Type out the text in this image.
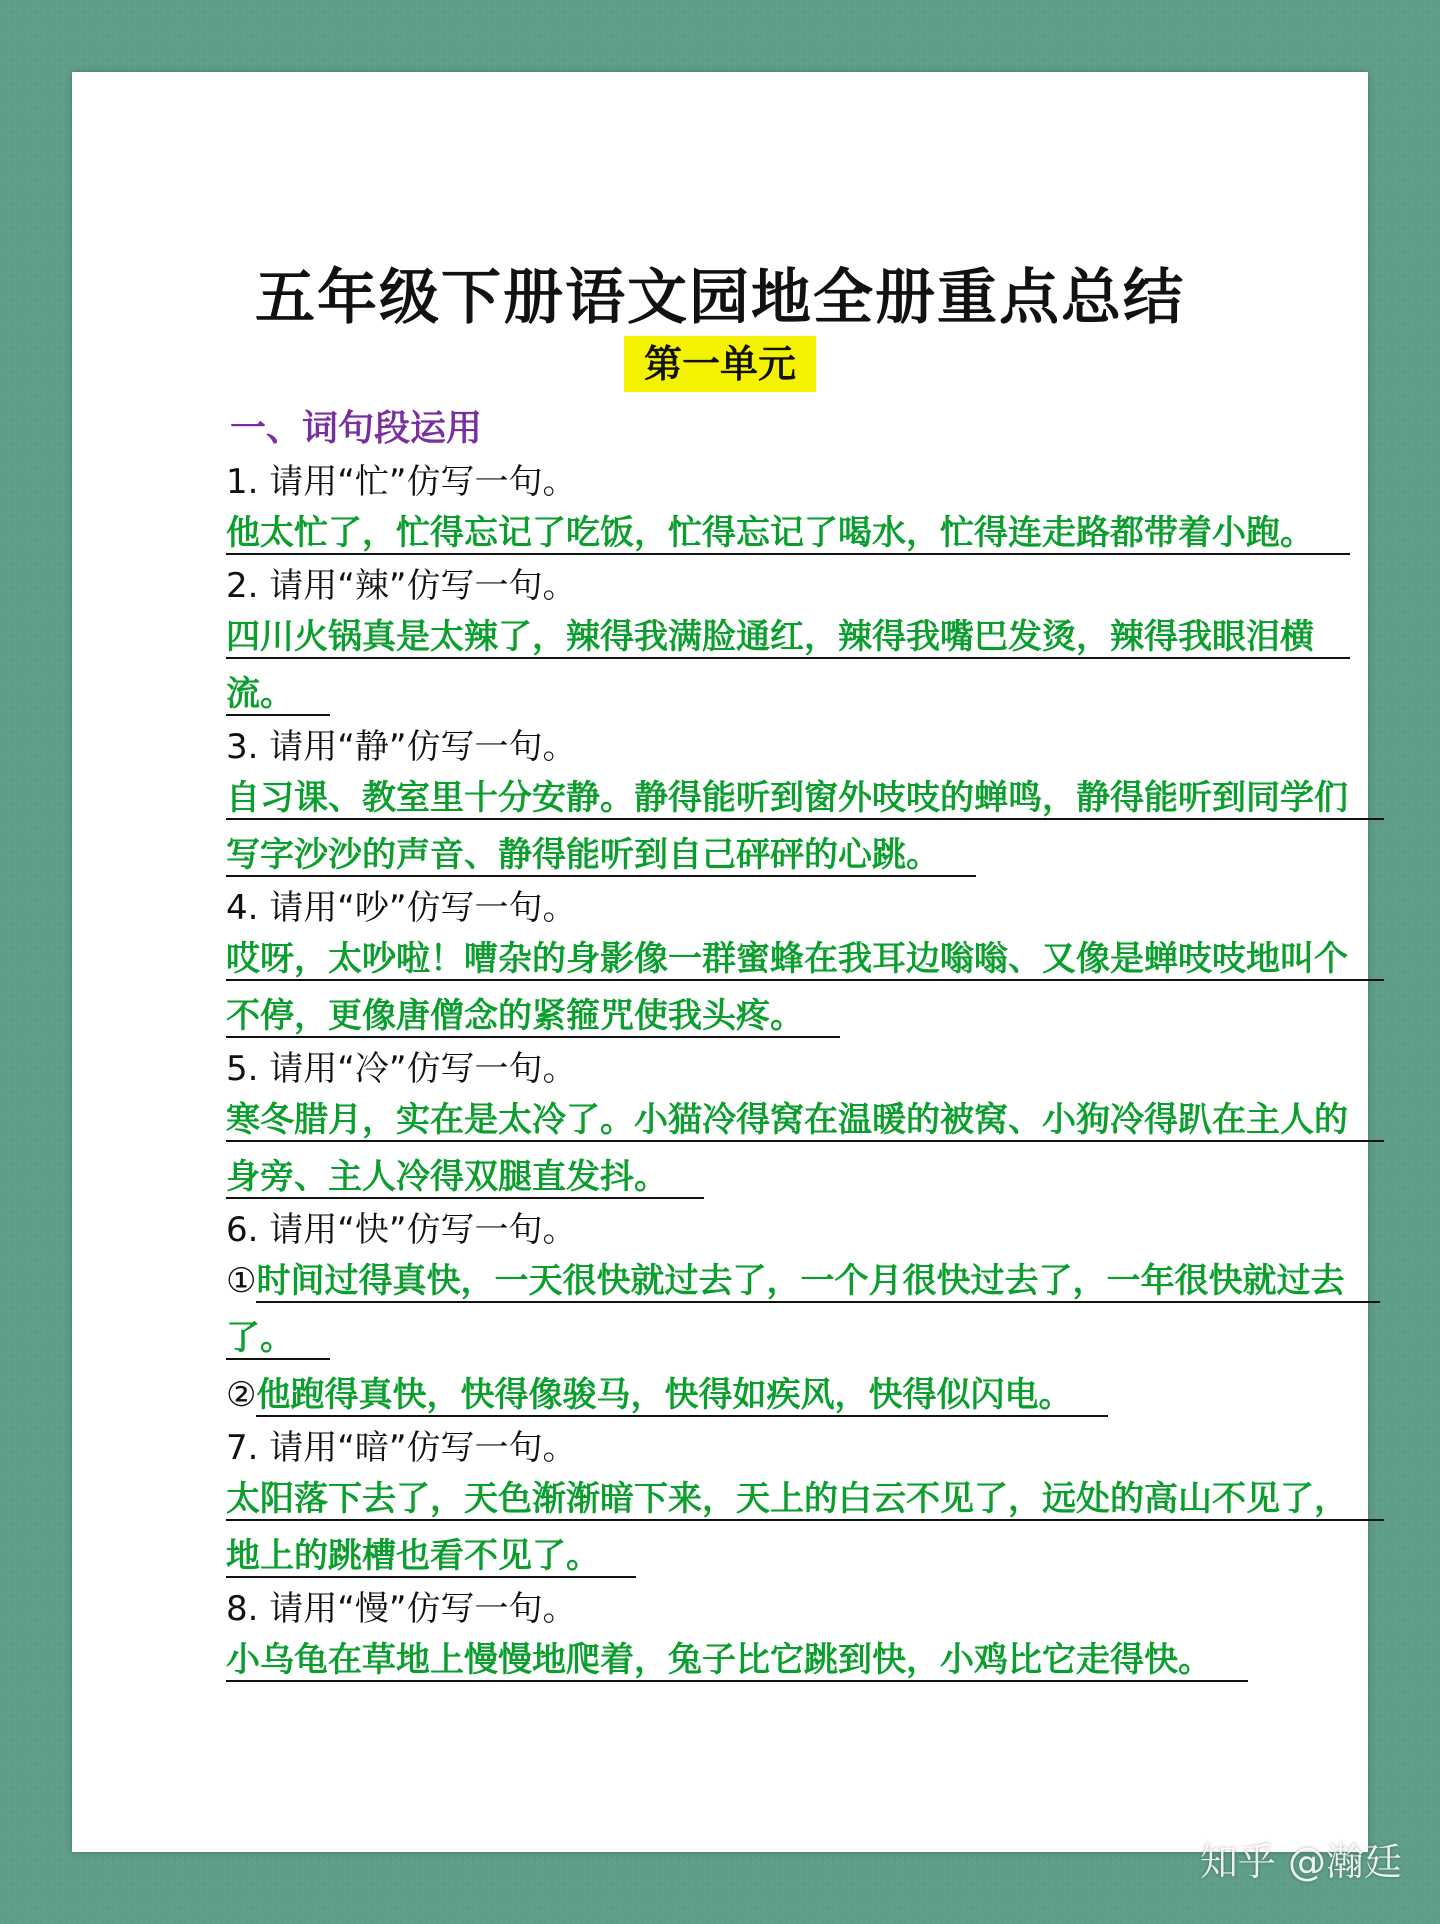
五年级下册语文园地全册重点总结
第一单元
一、词句段运用
1. 请用“忙”仿写一句。

他太忙了，忙得忘记了吃饭，忙得忘记了喝水，忙得连走路都带着小跑。

2. 请用“辣”仿写一句。

四川火锅真是太辣了，辣得我满脸通红，辣得我嘴巴发烫，辣得我眼泪横流。

3. 请用“静”仿写一句。

自习课、教室里十分安静。静得能听到窗外吱吱的蝉鸣，静得能听到同学们写字沙沙的声音、静得能听到自己砰砰的心跳。

4. 请用“吵”仿写一句。

哎呀，太吵啦！嘈杂的身影像一群蜜蜂在我耳边嗡嗡、又像是蝉吱吱地叫个不停，更像唐僧念的紧箍咒使我头疼。

5. 请用“冷”仿写一句。

寒冬腊月，实在是太冷了。小猫冷得窝在温暖的被窝、小狗冷得趴在主人的身旁、主人冷得双腿直发抖。

6. 请用“快”仿写一句。

①时间过得真快，一天很快就过去了，一个月很快过去了，一年很快就过去了。

②他跑得真快，快得像骏马，快得如疾风，快得似闪电。

7. 请用“暗”仿写一句。

太阳落下去了，天色渐渐暗下来，天上的白云不见了，远处的高山不见了，地上的跳槽也看不见了。

8. 请用“慢”仿写一句。

小乌龟在草地上慢慢地爬着，兔子比它跳到快，小鸡比它走得快。

知乎 @瀚廷
